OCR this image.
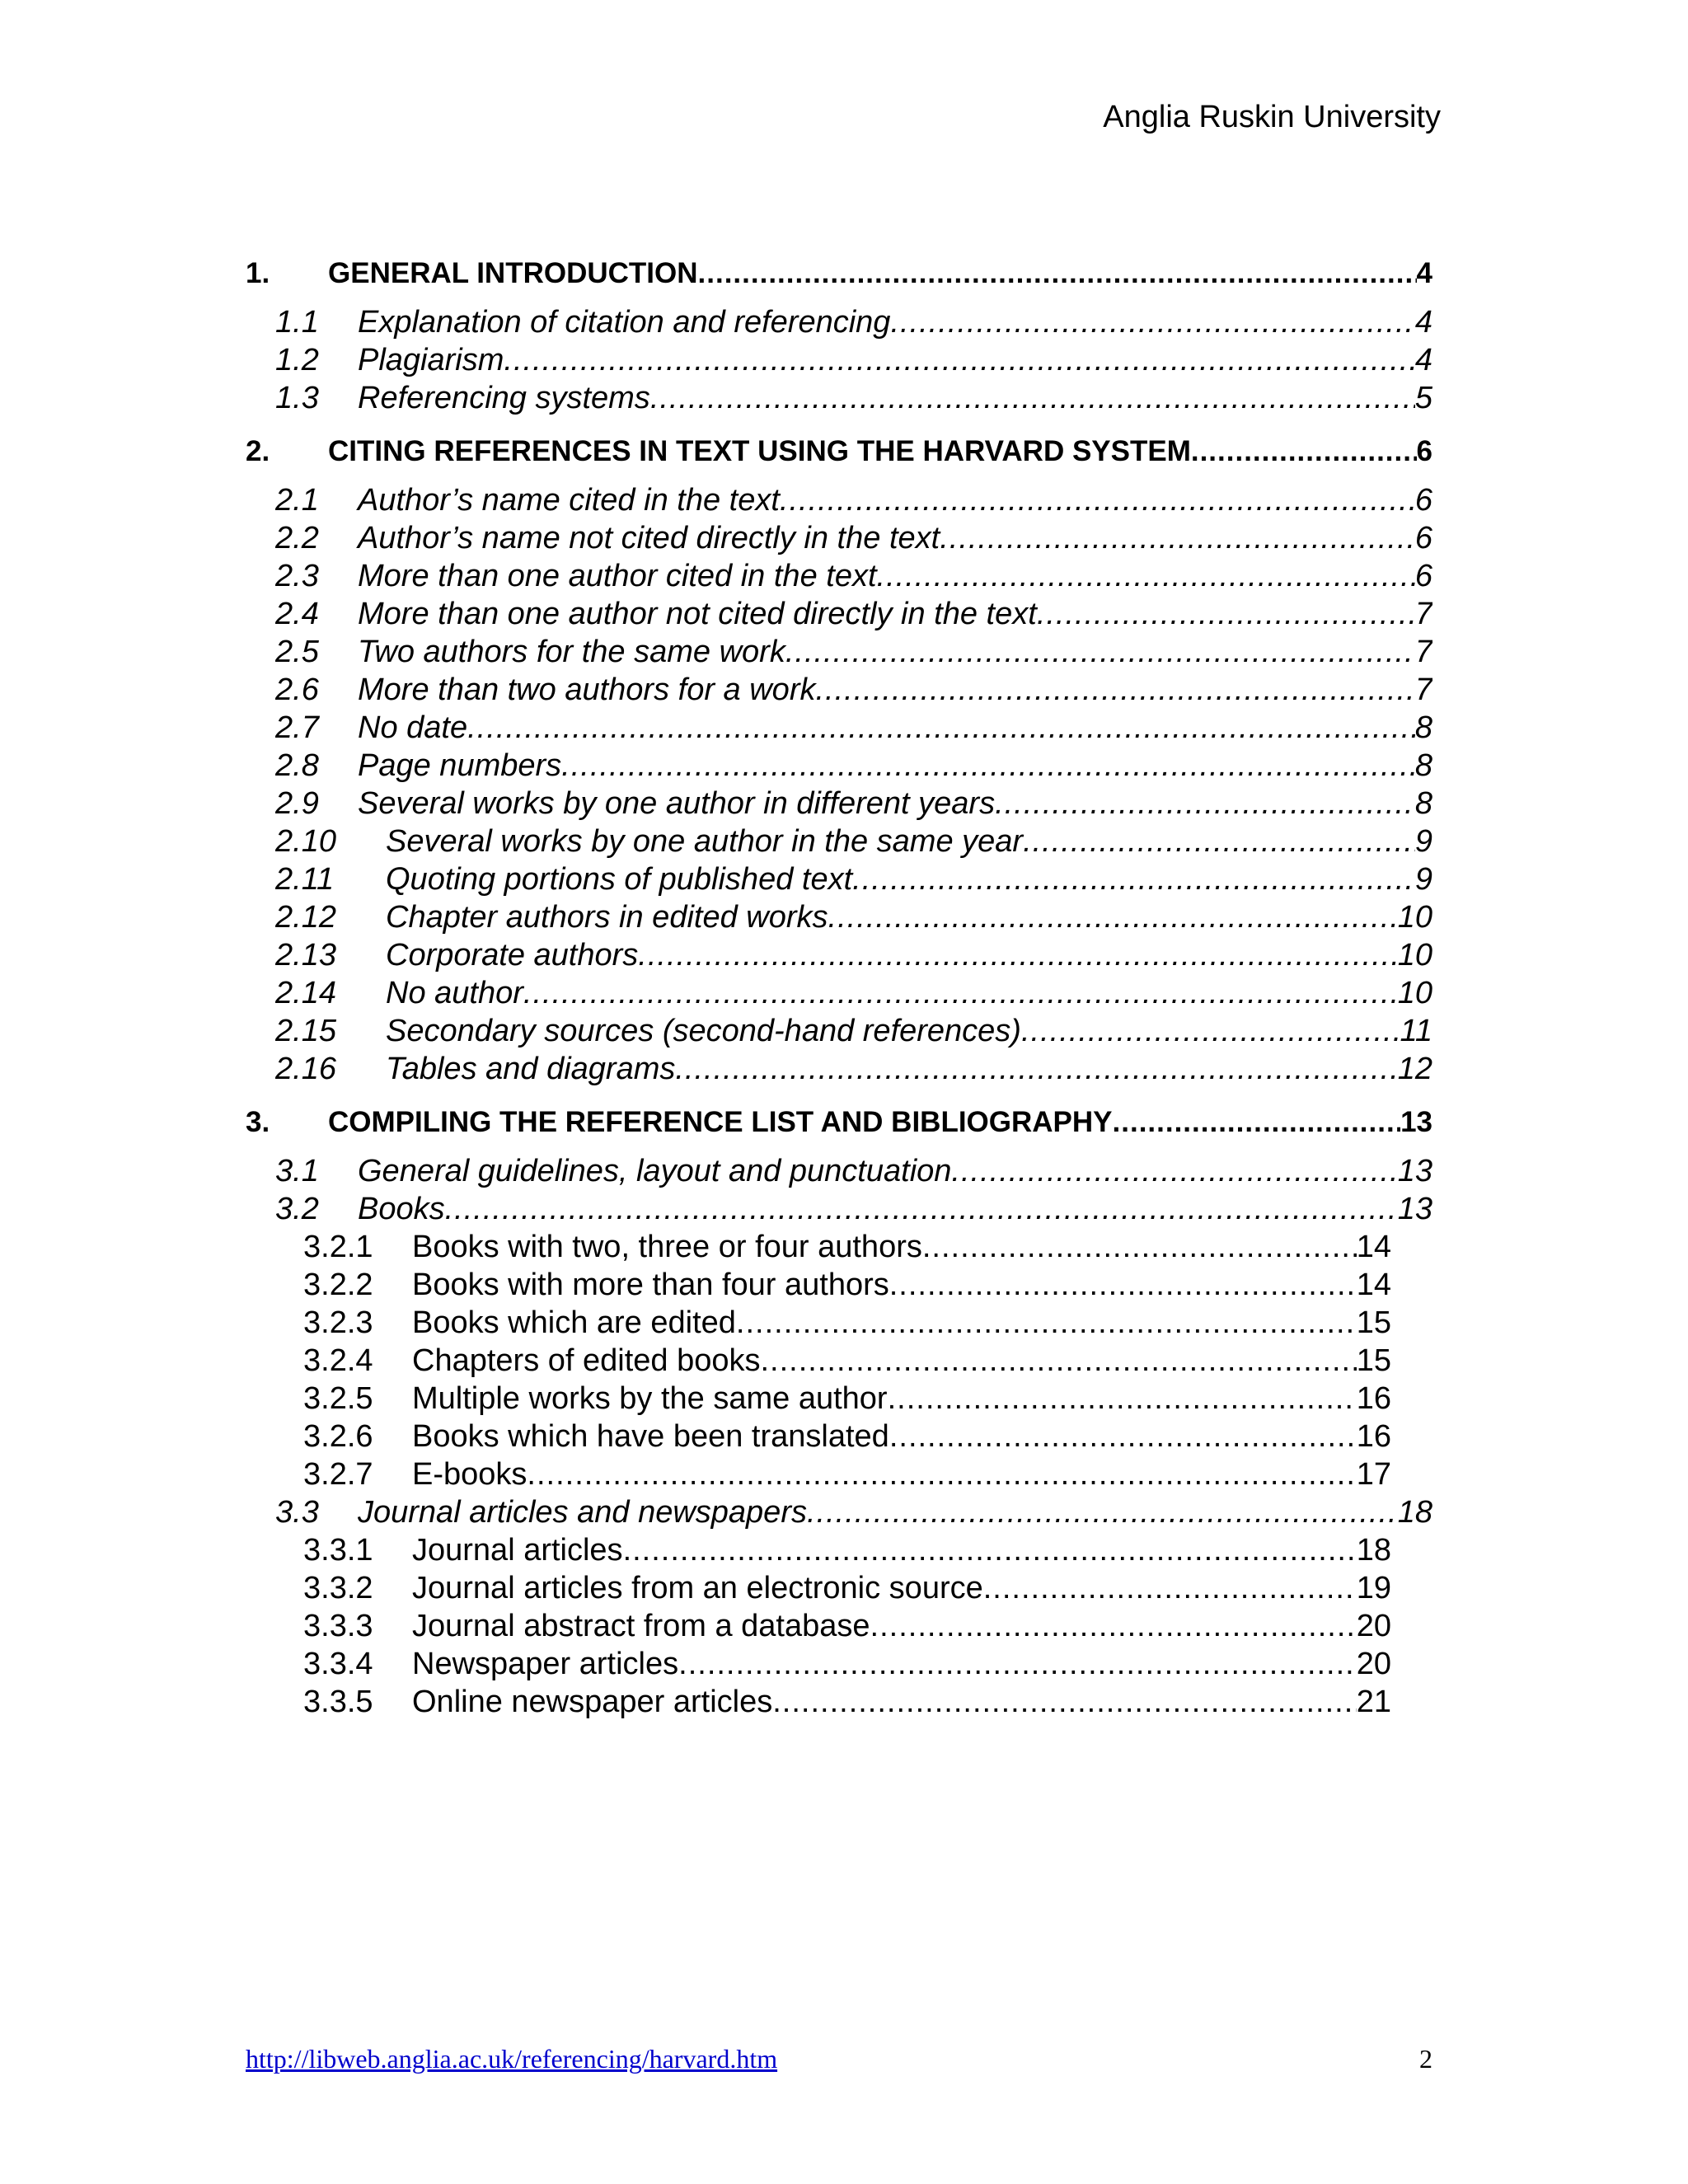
Anglia Ruskin University
1.	GENERAL INTRODUCTION .....	4
1.1	Explanation of citation and referencing .....	4
1.2	Plagiarism .....	4
1.3	Referencing systems .....	5
2.	CITING REFERENCES IN TEXT USING THE HARVARD SYSTEM .....	6
2.1	Author’s name cited in the text .....	6
2.2	Author’s name not cited directly in the text .....	6
2.3	More than one author cited in the text .....	6
2.4	More than one author not cited directly in the text .....	7
2.5	Two authors for the same work .....	7
2.6	More than two authors for a work .....	7
2.7	No date .....	8
2.8	Page numbers .....	8
2.9	Several works by one author in different years .....	8
2.10	Several works by one author in the same year .....	9
2.11	Quoting portions of published text .....	9
2.12	Chapter authors in edited works .....	10
2.13	Corporate authors .....	10
2.14	No author .....	10
2.15	Secondary sources (second-hand references) .....	11
2.16	Tables and diagrams .....	12
3.	COMPILING THE REFERENCE LIST AND BIBLIOGRAPHY .....	13
3.1	General guidelines, layout and punctuation .....	13
3.2	Books .....	13
3.2.1	Books with two, three or four authors .....	14
3.2.2	Books with more than four authors .....	14
3.2.3	Books which are edited .....	15
3.2.4	Chapters of edited books .....	15
3.2.5	Multiple works by the same author .....	16
3.2.6	Books which have been translated .....	16
3.2.7	E-books .....	17
3.3	Journal articles and newspapers .....	18
3.3.1	Journal articles .....	18
3.3.2	Journal articles from an electronic source .....	19
3.3.3	Journal abstract from a database .....	20
3.3.4	Newspaper articles .....	20
3.3.5	Online newspaper articles .....	21
http://libweb.anglia.ac.uk/referencing/harvard.htm	2
